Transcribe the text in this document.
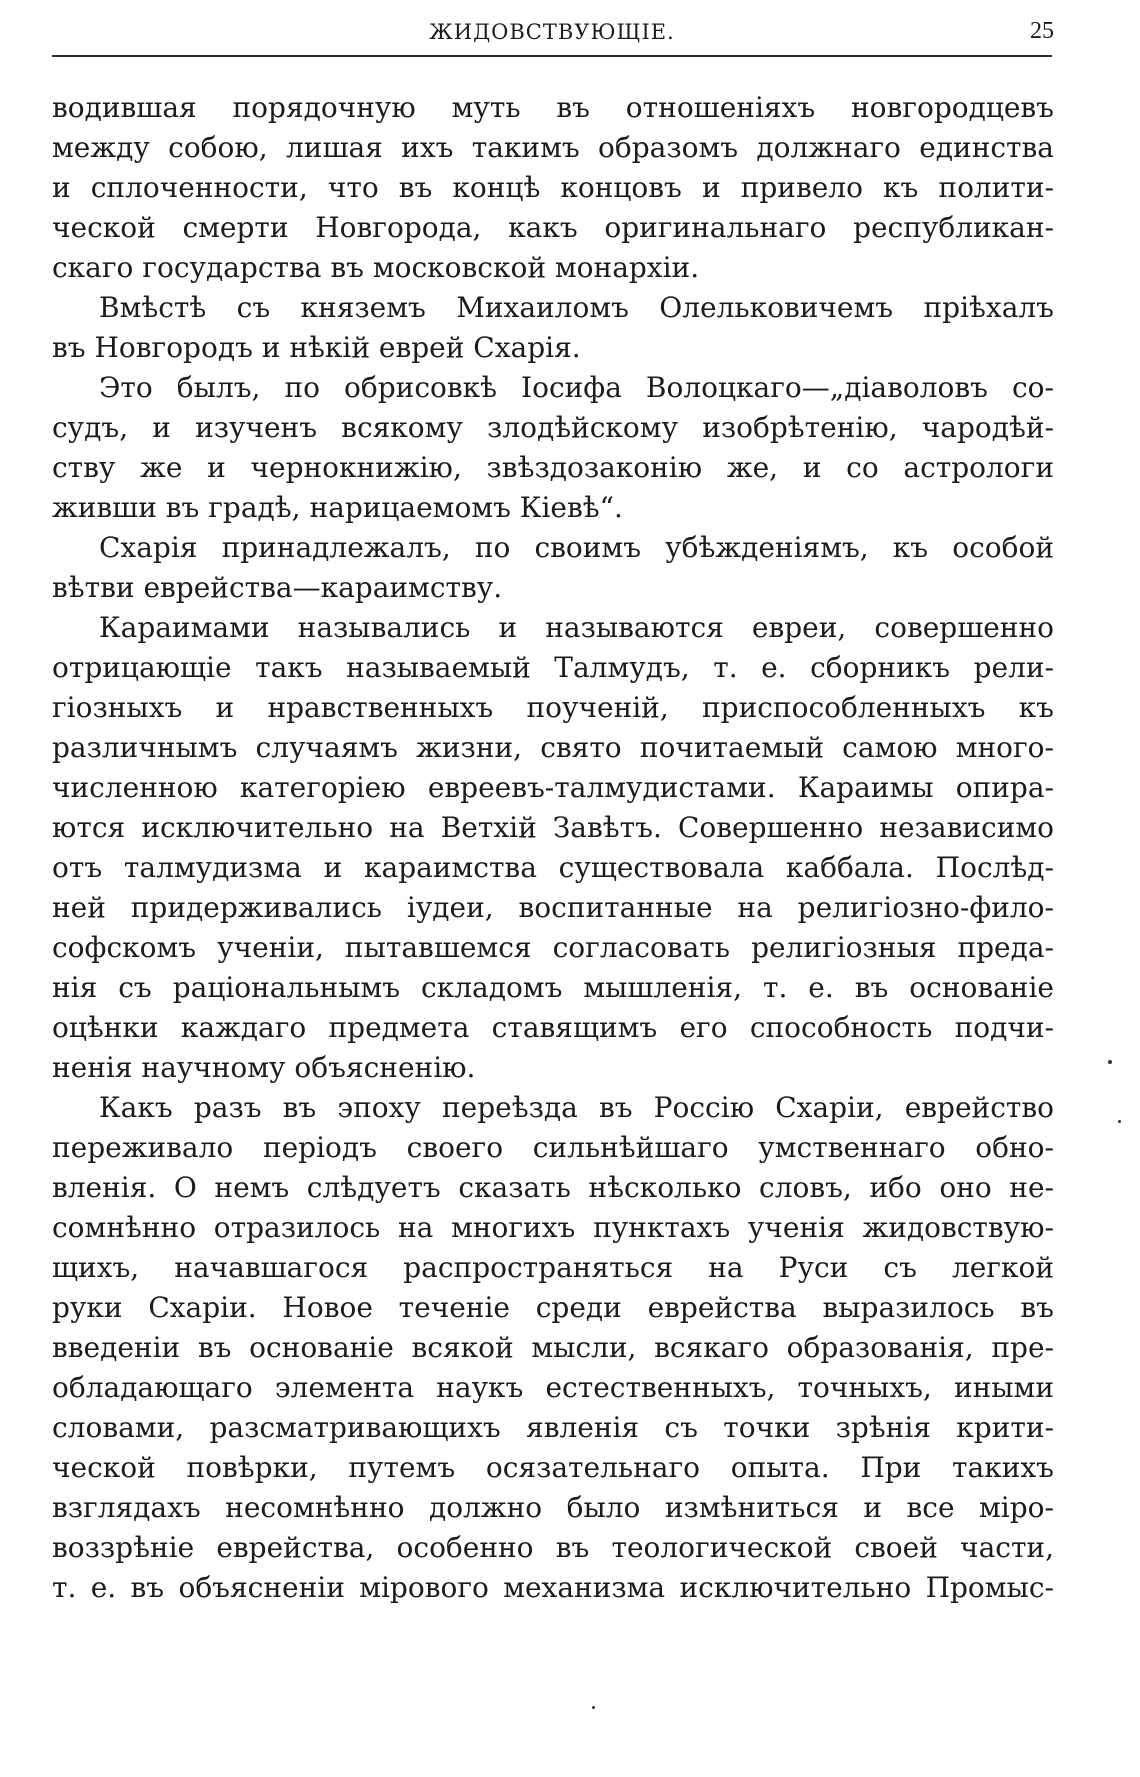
ЖИДОВСТВУЮЩІЕ.	25
водившая порядочную муть въ отношеніяхъ новгородцевъ
между собою, лишая ихъ такимъ образомъ должнаго единства
и сплоченности, что въ концѣ концовъ и привело къ полити-
ческой смерти Новгорода, какъ оригинальнаго республикан-
скаго государства въ московской монархіи.
Вмѣстѣ съ княземъ Михаиломъ Олельковичемъ пріѣхалъ
въ Новгородъ и нѣкій еврей Схарія.
Это былъ, по обрисовкѣ Іосифа Волоцкаго—„діаволовъ со-
судъ, и изученъ всякому злодѣйскому изобрѣтенію, чародѣй-
ству же и чернокнижію, звѣздозаконію же, и со астрологи
живши въ градѣ, нарицаемомъ Кіевѣ“.
Схарія принадлежалъ, по своимъ убѣжденіямъ, къ особой
вѣтви еврейства—караимству.
Караимами назывались и называются евреи, совершенно
отрицающіе такъ называемый Талмудъ, т. е. сборникъ рели-
гіозныхъ и нравственныхъ поученій, приспособленныхъ къ
различнымъ случаямъ жизни, свято почитаемый самою много-
численною категоріею евреевъ-талмудистами. Караимы опира-
ются исключительно на Ветхій Завѣтъ. Совершенно независимо
отъ талмудизма и караимства существовала каббала. Послѣд-
ней придерживались іудеи, воспитанные на религіозно-фило-
софскомъ ученіи, пытавшемся согласовать религіозныя преда-
нія съ раціональнымъ складомъ мышленія, т. е. въ основаніе
оцѣнки каждаго предмета ставящимъ его способность подчи-
ненія научному объясненію.
Какъ разъ въ эпоху переѣзда въ Россію Схаріи, еврейство
переживало періодъ своего сильнѣйшаго умственнаго обно-
вленія. О немъ слѣдуетъ сказать нѣсколько словъ, ибо оно не-
сомнѣнно отразилось на многихъ пунктахъ ученія жидовствую-
щихъ, начавшагося распространяться на Руси съ легкой
руки Схаріи. Новое теченіе среди еврейства выразилось въ
введеніи въ основаніе всякой мысли, всякаго образованія, пре-
обладающаго элемента наукъ естественныхъ, точныхъ, иными
словами, разсматривающихъ явленія съ точки зрѣнія крити-
ческой повѣрки, путемъ осязательнаго опыта. При такихъ
взглядахъ несомнѣнно должно было измѣниться и все міро-
воззрѣніе еврейства, особенно въ теологической своей части,
т. е. въ объясненіи мірового механизма исключительно Промыс-
